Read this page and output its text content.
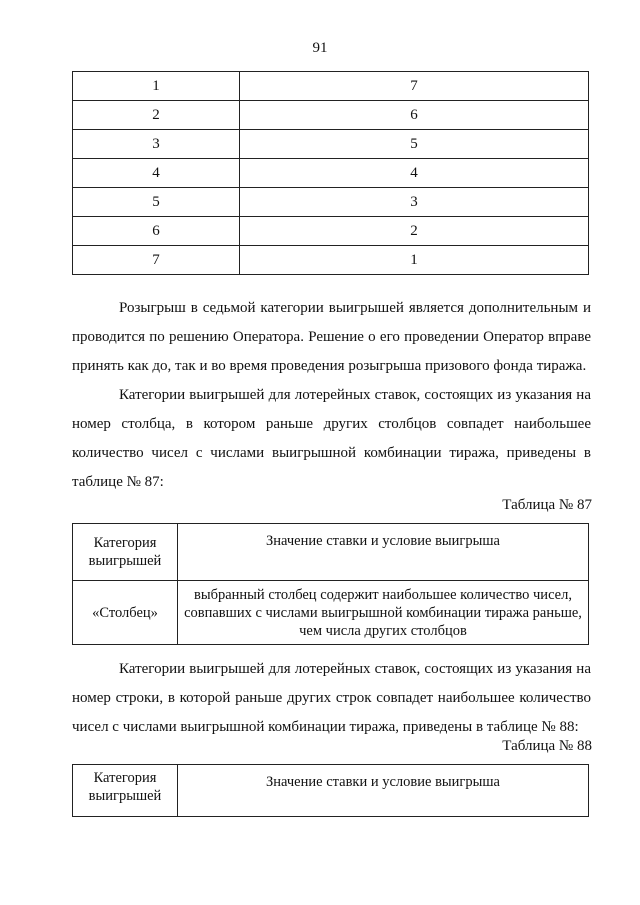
91
1	7
2	6
3	5
4	4
5	3
6	2
7	1

Розыгрыш в седьмой категории выигрышей является дополнительным и проводится по решению Оператора. Решение о его проведении Оператор вправе принять как до, так и во время проведения розыгрыша призового фонда тиража.

Категории выигрышей для лотерейных ставок, состоящих из указания на номер столбца, в котором раньше других столбцов совпадет наибольшее количество чисел с числами выигрышной комбинации тиража, приведены в таблице № 87:

Таблица № 87
Категория выигрышей	Значение ставки и условие выигрыша
«Столбец»	выбранный столбец содержит наибольшее количество чисел, совпавших с числами выигрышной комбинации тиража раньше, чем числа других столбцов

Категории выигрышей для лотерейных ставок, состоящих из указания на номер строки, в которой раньше других строк совпадет наибольшее количество чисел с числами выигрышной комбинации тиража, приведены в таблице № 88:

Таблица № 88
Категория выигрышей	Значение ставки и условие выигрыша
